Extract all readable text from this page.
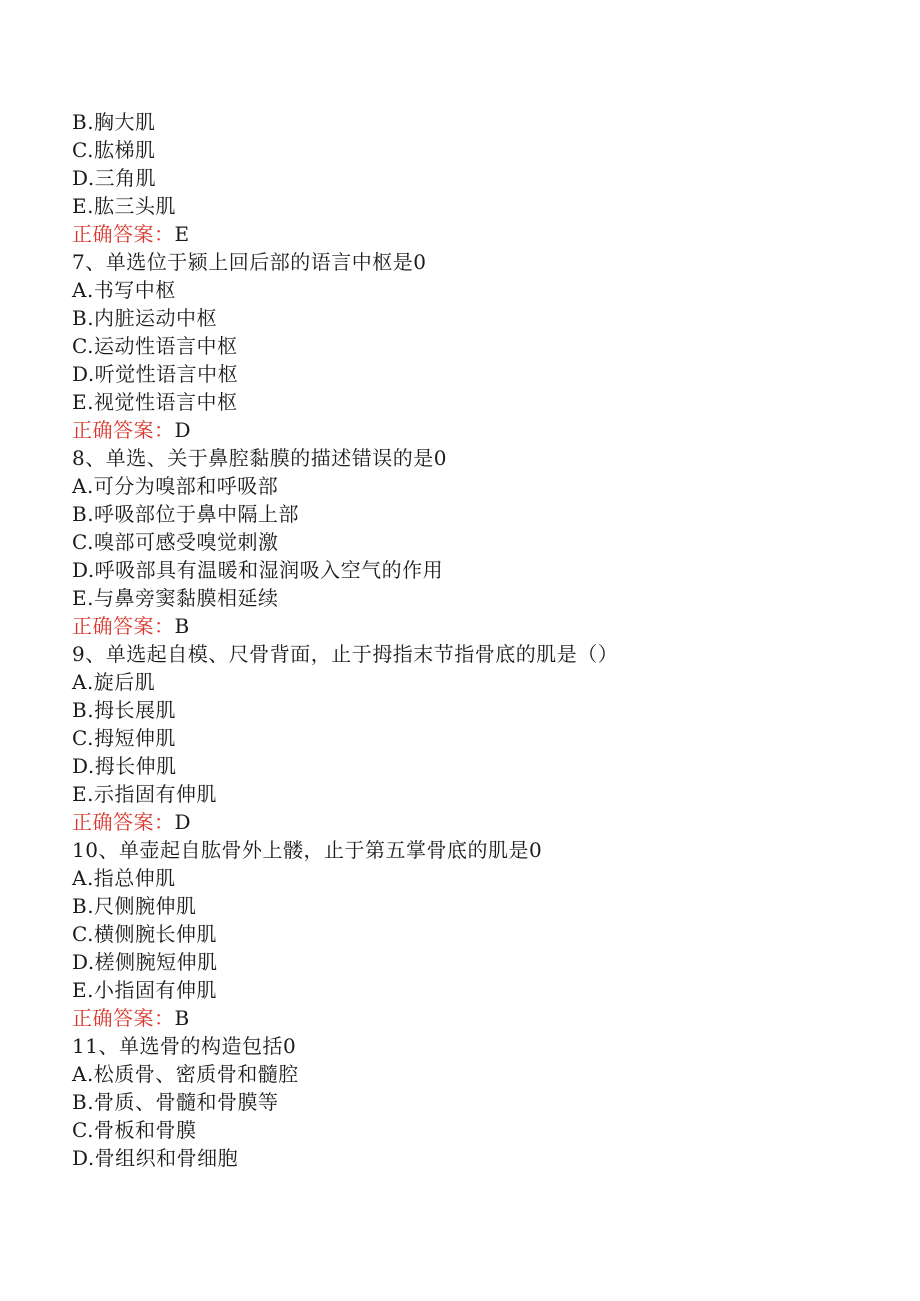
B.胸大肌
C.肱梯肌
D.三角肌
E.肱三头肌
正确答案：E
7、单选位于颍上回后部的语言中枢是0
A.书写中枢
B.内脏运动中枢
C.运动性语言中枢
D.听觉性语言中枢
E.视觉性语言中枢
正确答案：D
8、单选、关于鼻腔黏膜的描述错误的是0
A.可分为嗅部和呼吸部
B.呼吸部位于鼻中隔上部
C.嗅部可感受嗅觉刺激
D.呼吸部具有温暖和湿润吸入空气的作用
E.与鼻旁窦黏膜相延续
正确答案：B
9、单选起自模、尺骨背面，止于拇指末节指骨底的肌是（）
A.旋后肌
B.拇长展肌
C.拇短伸肌
D.拇长伸肌
E.示指固有伸肌
正确答案：D
10、单壶起自肱骨外上髅，止于第五掌骨底的肌是0
A.指总伸肌
B.尺侧腕伸肌
C.横侧腕长伸肌
D.槎侧腕短伸肌
E.小指固有伸肌
正确答案：B
11、单选骨的构造包括0
A.松质骨、密质骨和髓腔
B.骨质、骨髓和骨膜等
C.骨板和骨膜
D.骨组织和骨细胞
